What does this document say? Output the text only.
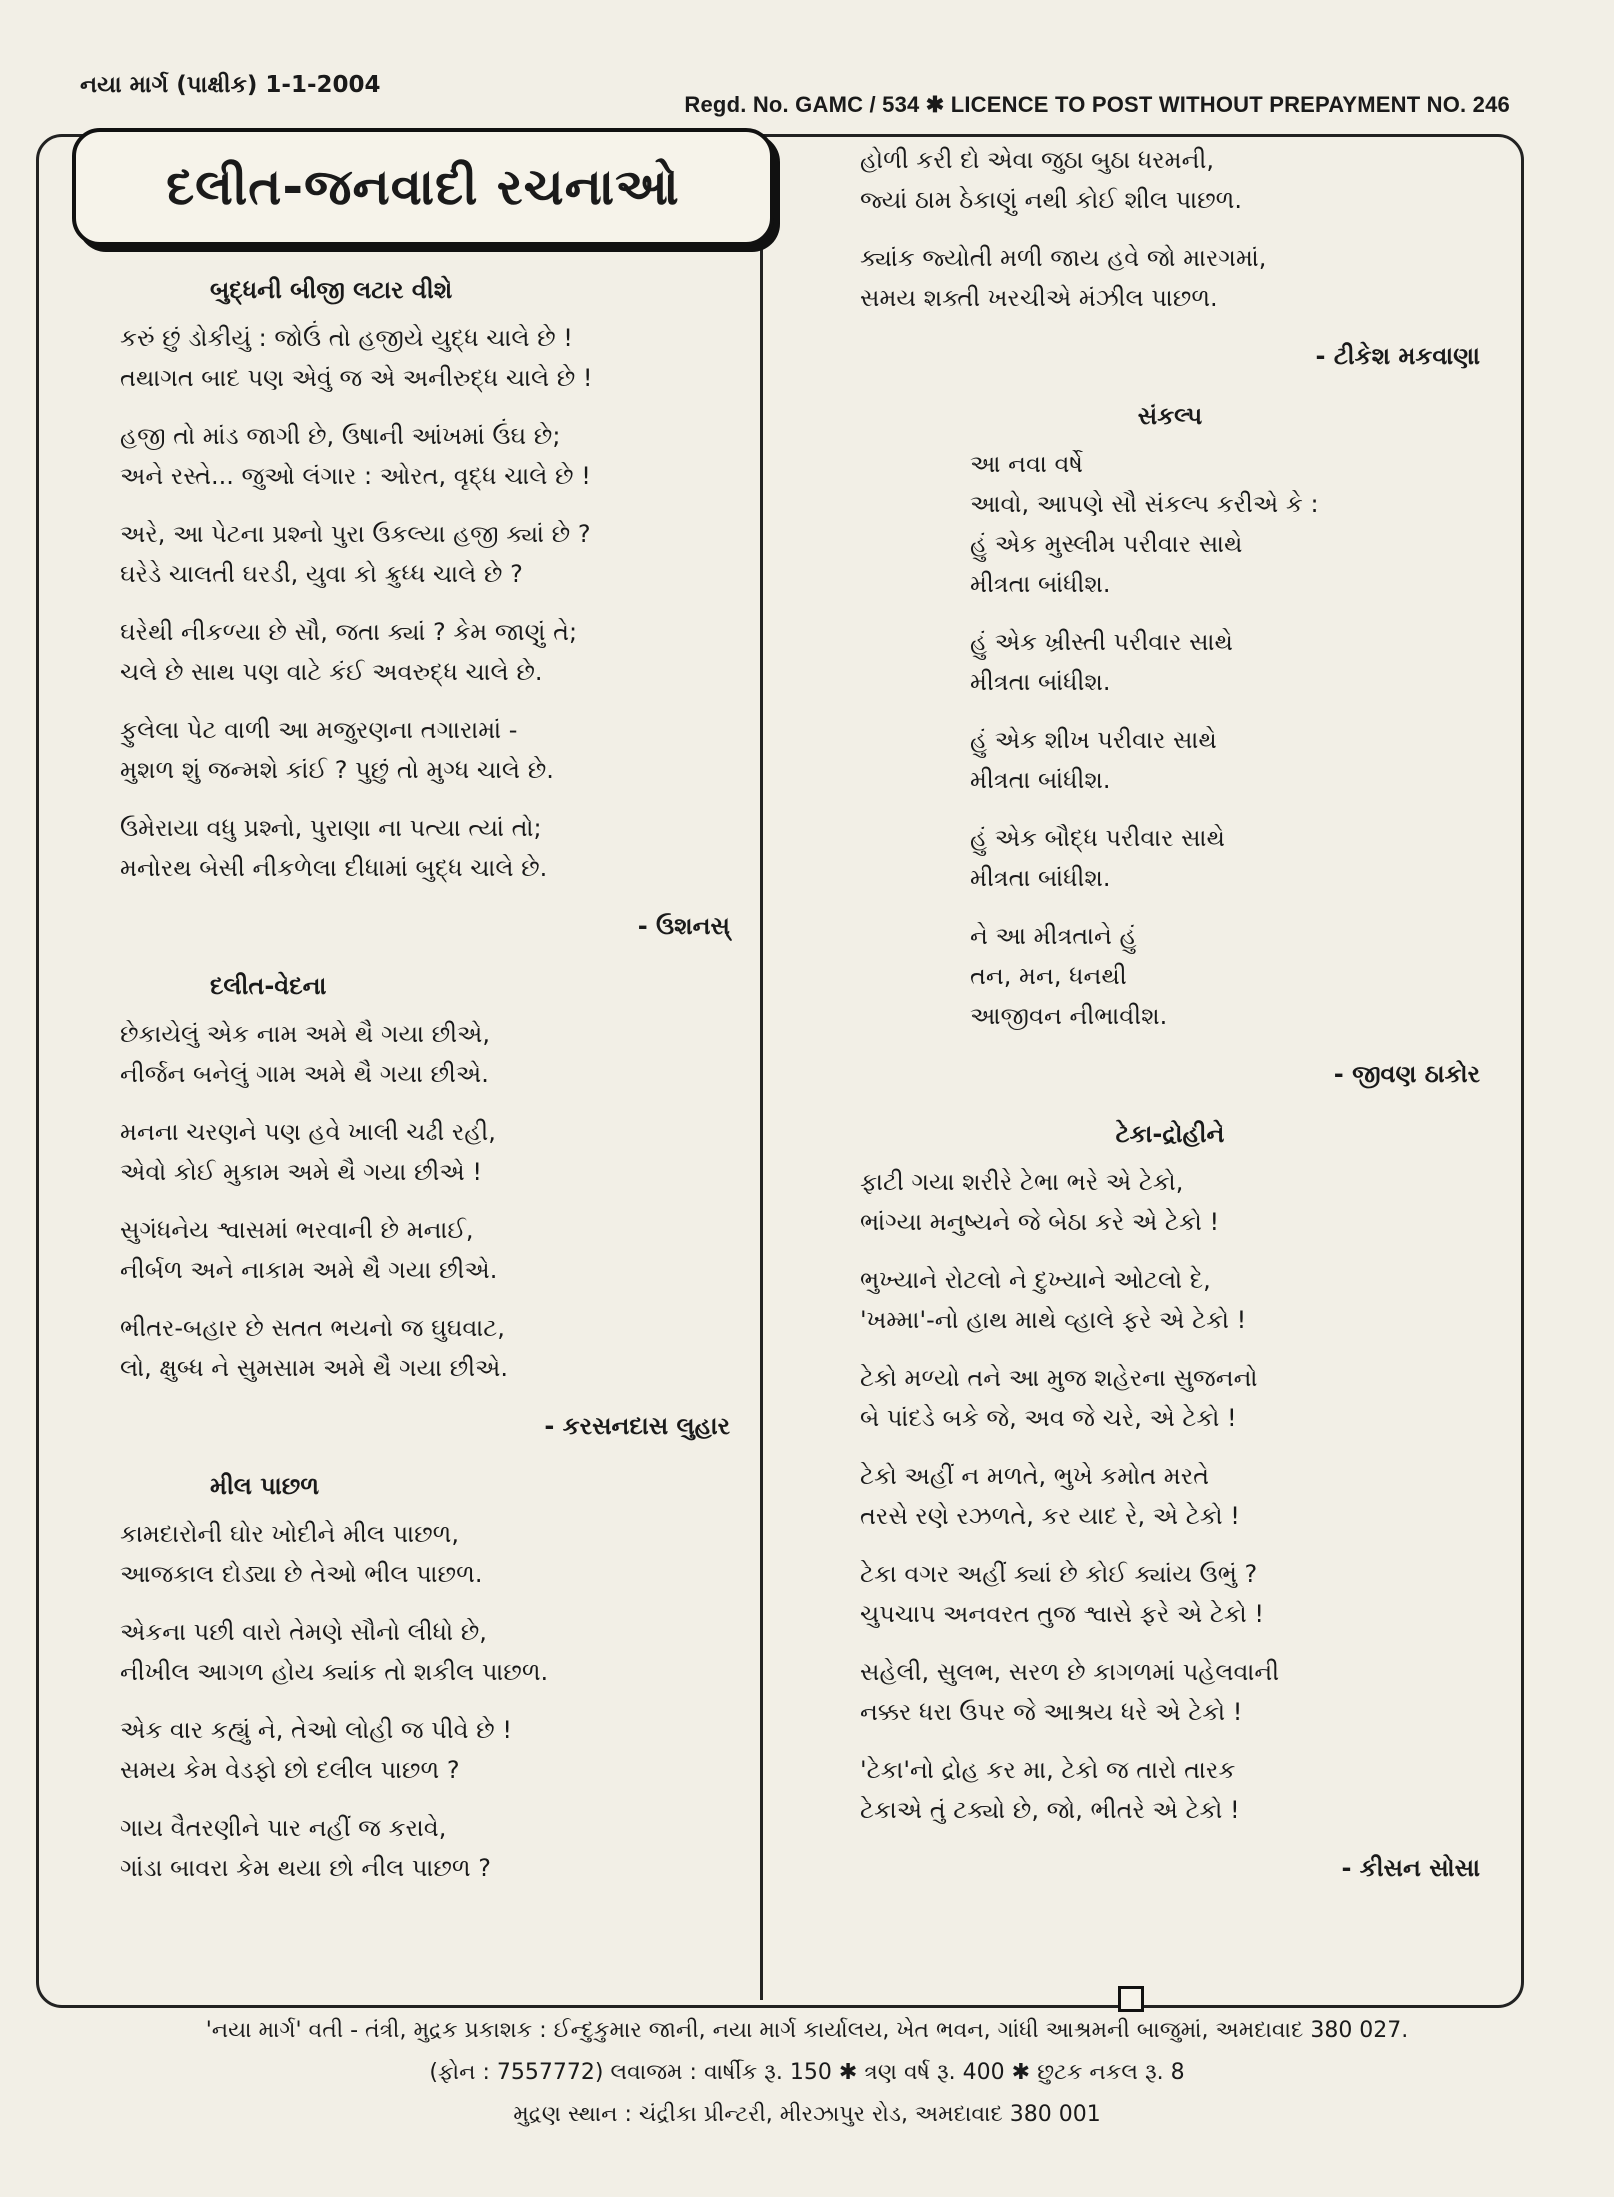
નયા માર્ગ (પાક્ષીક) 1-1-2004
Regd. No. GAMC / 534 ✱ LICENCE TO POST WITHOUT PREPAYMENT NO. 246
દલીત-જનવાદી રચનાઓ
બુદ્ધની બીજી લટાર વીશે
કરું છું ડોકીયું : જોઉં તો હજીયે યુદ્ધ ચાલે છે !
તથાગત બાદ પણ એવું જ એ અનીરુદ્ધ ચાલે છે !
હજી તો માંડ જાગી છે, ઉષાની આંખમાં ઉંઘ છે;
અને રસ્તે... જુઓ લંગાર : ઓરત, વૃદ્ધ ચાલે છે !
અરે, આ પેટના પ્રશ્નો પુરા ઉકલ્યા હજી ક્યાં છે ?
ઘરેડે ચાલતી ઘરડી, યુવા કો ક્રુધ્ધ ચાલે છે ?
ઘરેથી નીકળ્યા છે સૌ, જતા ક્યાં ? કેમ જાણું તે;
ચલે છે સાથ પણ વાટે કંઈ અવરુદ્ધ ચાલે છે.
ફુલેલા પેટ વાળી આ મજુરણના તગારામાં -
મુશળ શું જન્મશે કાંઈ ? પુછું તો મુગ્ધ ચાલે છે.
ઉમેરાયા વધુ પ્રશ્નો, પુરાણા ના પત્યા ત્યાં તો;
મનોરથ બેસી નીકળેલા દીધામાં બુદ્ધ ચાલે છે.
- ઉશનસ્
દલીત-વેદના
છેકાયેલું એક નામ અમે થૈ ગયા છીએ,
નીર્જન બનેલું ગામ અમે થૈ ગયા છીએ.
મનના ચરણને પણ હવે ખાલી ચઢી રહી,
એવો કોઈ મુકામ અમે થૈ ગયા છીએ !
સુગંધનેય શ્વાસમાં ભરવાની છે મનાઈ,
નીર્બળ અને નાકામ અમે થૈ ગયા છીએ.
ભીતર-બહાર છે સતત ભયનો જ ઘુઘવાટ,
લો, ક્ષુબ્ધ ને સુમસામ અમે થૈ ગયા છીએ.
- કરસનદાસ લુહાર
મીલ પાછળ
કામદારોની ઘોર ખોદીને મીલ પાછળ,
આજકાલ દોડ્યા છે તેઓ ભીલ પાછળ.
એકના પછી વારો તેમણે સૌનો લીધો છે,
નીખીલ આગળ હોય ક્યાંક તો શકીલ પાછળ.
એક વાર કહ્યું ને, તેઓ લોહી જ પીવે છે !
સમય કેમ વેડફો છો દલીલ પાછળ ?
ગાય વૈતરણીને પાર નહીં જ કરાવે,
ગાંડા બાવરા કેમ થયા છો નીલ પાછળ ?
હોળી કરી દો એવા જુઠા બુઠા ધરમની,
જ્યાં ઠામ ઠેકાણું નથી કોઈ શીલ પાછળ.
ક્યાંક જ્યોતી મળી જાય હવે જો મારગમાં,
સમય શક્તી ખરચીએ મંઝીલ પાછળ.
- ટીકેશ મકવાણા
સંકલ્પ
આ નવા વર્ષે
આવો, આપણે સૌ સંકલ્પ કરીએ કે :
હું એક મુસ્લીમ પરીવાર સાથે
મીત્રતા બાંધીશ.
હું એક ખ્રીસ્તી પરીવાર સાથે
મીત્રતા બાંધીશ.
હું એક શીખ પરીવાર સાથે
મીત્રતા બાંધીશ.
હું એક બૌદ્ધ પરીવાર સાથે
મીત્રતા બાંધીશ.
ને આ મીત્રતાને હું
તન, મન, ધનથી
આજીવન નીભાવીશ.
- જીવણ ઠાકોર
ટેકા-દ્રોહીને
ફાટી ગયા શરીરે ટેભા ભરે એ ટેકો,
ભાંગ્યા મનુષ્યને જે બેઠા કરે એ ટેકો !
ભુખ્યાને રોટલો ને દુખ્યાને ઓટલો દે,
'ખમ્મા'-નો હાથ માથે વ્હાલે ફરે એ ટેકો !
ટેકો મળ્યો તને આ મુજ શહેરના સુજનનો
બે પાંદડે બકે જે, અવ જે ચરે, એ ટેકો !
ટેકો અહીં ન મળતે, ભુખે કમોત મરતે
તરસે રણે રઝળતે, કર યાદ રે, એ ટેકો !
ટેકા વગર અહીં ક્યાં છે કોઈ ક્યાંય ઉભું ?
ચુપચાપ અનવરત તુજ શ્વાસે ફરે એ ટેકો !
સહેલી, સુલભ, સરળ છે કાગળમાં પહેલવાની
નક્કર ધરા ઉપર જે આશ્રય ધરે એ ટેકો !
'ટેકા'નો દ્રોહ કર મા, ટેકો જ તારો તારક
ટેકાએ તું ટક્યો છે, જો, ભીતરે એ ટેકો !
- કીસન સોસા
'નયા માર્ગ' વતી - તંત્રી, મુદ્રક પ્રકાશક : ઈન્દુકુમાર જાની, નયા માર્ગ કાર્યાલય, ખેત ભવન, ગાંધી આશ્રમની બાજુમાં, અમદાવાદ 380 027.
(ફોન : 7557772) લવાજમ : વાર્ષીક રૂ. 150 ✱ ત્રણ વર્ષ રૂ. 400 ✱ છુટક નકલ રૂ. 8
મુદ્રણ સ્થાન : ચંદ્રીકા પ્રીન્ટરી, મીરઝાપુર રોડ, અમદાવાદ 380 001
